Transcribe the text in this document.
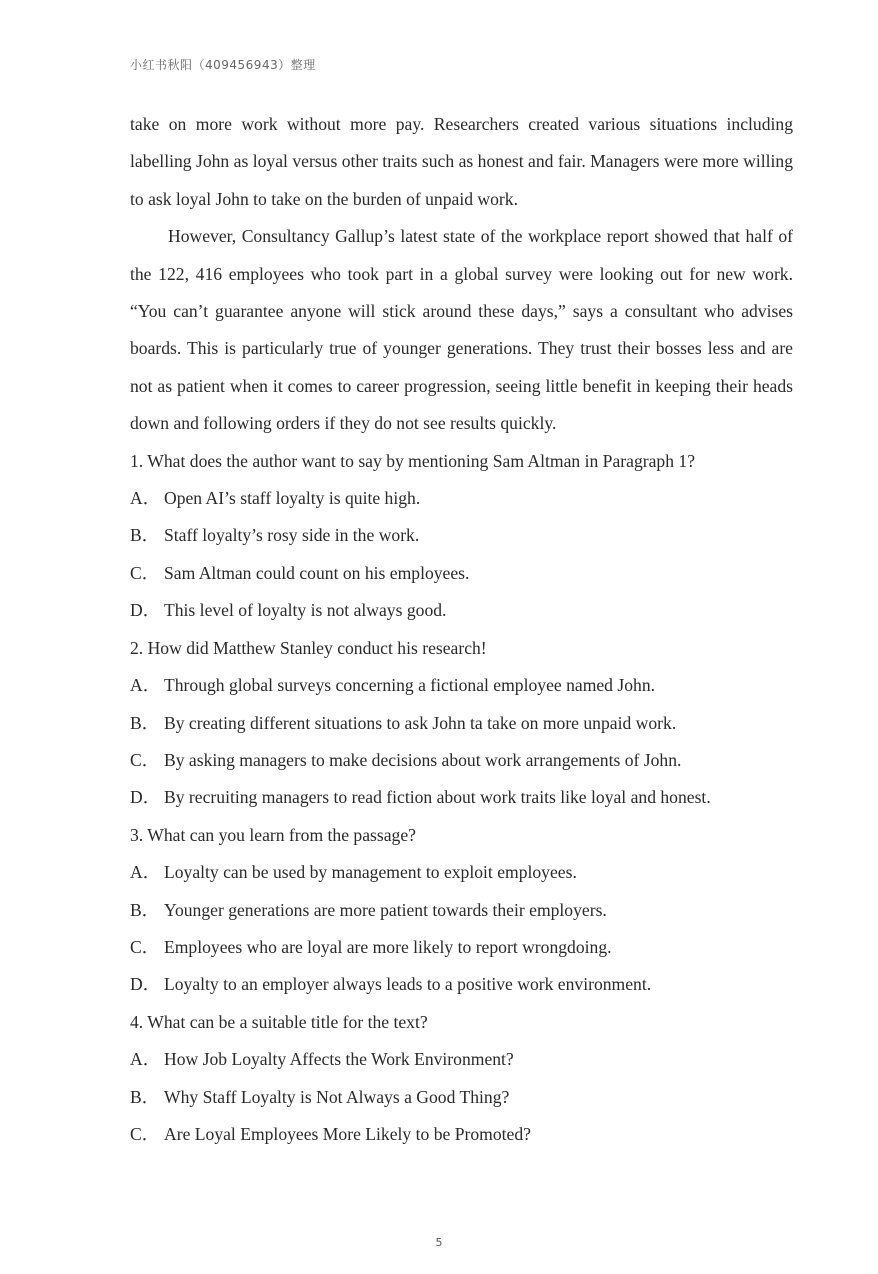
小红书秋阳（409456943）整理

take on more work without more pay. Researchers created various situations including labelling John as loyal versus other traits such as honest and fair. Managers were more willing to ask loyal John to take on the burden of unpaid work.

However, Consultancy Gallup’s latest state of the workplace report showed that half of the 122, 416 employees who took part in a global survey were looking out for new work. “You can’t guarantee anyone will stick around these days,” says a consultant who advises boards. This is particularly true of younger generations. They trust their bosses less and are not as patient when it comes to career progression, seeing little benefit in keeping their heads down and following orders if they do not see results quickly.

1. What does the author want to say by mentioning Sam Altman in Paragraph 1?

A． Open AI’s staff loyalty is quite high.

B． Staff loyalty’s rosy side in the work.

C． Sam Altman could count on his employees.

D． This level of loyalty is not always good.

2. How did Matthew Stanley conduct his research!

A． Through global surveys concerning a fictional employee named John.

B． By creating different situations to ask John ta take on more unpaid work.

C． By asking managers to make decisions about work arrangements of John.

D． By recruiting managers to read fiction about work traits like loyal and honest.

3. What can you learn from the passage?

A． Loyalty can be used by management to exploit employees.

B． Younger generations are more patient towards their employers.

C． Employees who are loyal are more likely to report wrongdoing.

D． Loyalty to an employer always leads to a positive work environment.

4. What can be a suitable title for the text?

A． How Job Loyalty Affects the Work Environment?

B． Why Staff Loyalty is Not Always a Good Thing?

C． Are Loyal Employees More Likely to be Promoted?

5
